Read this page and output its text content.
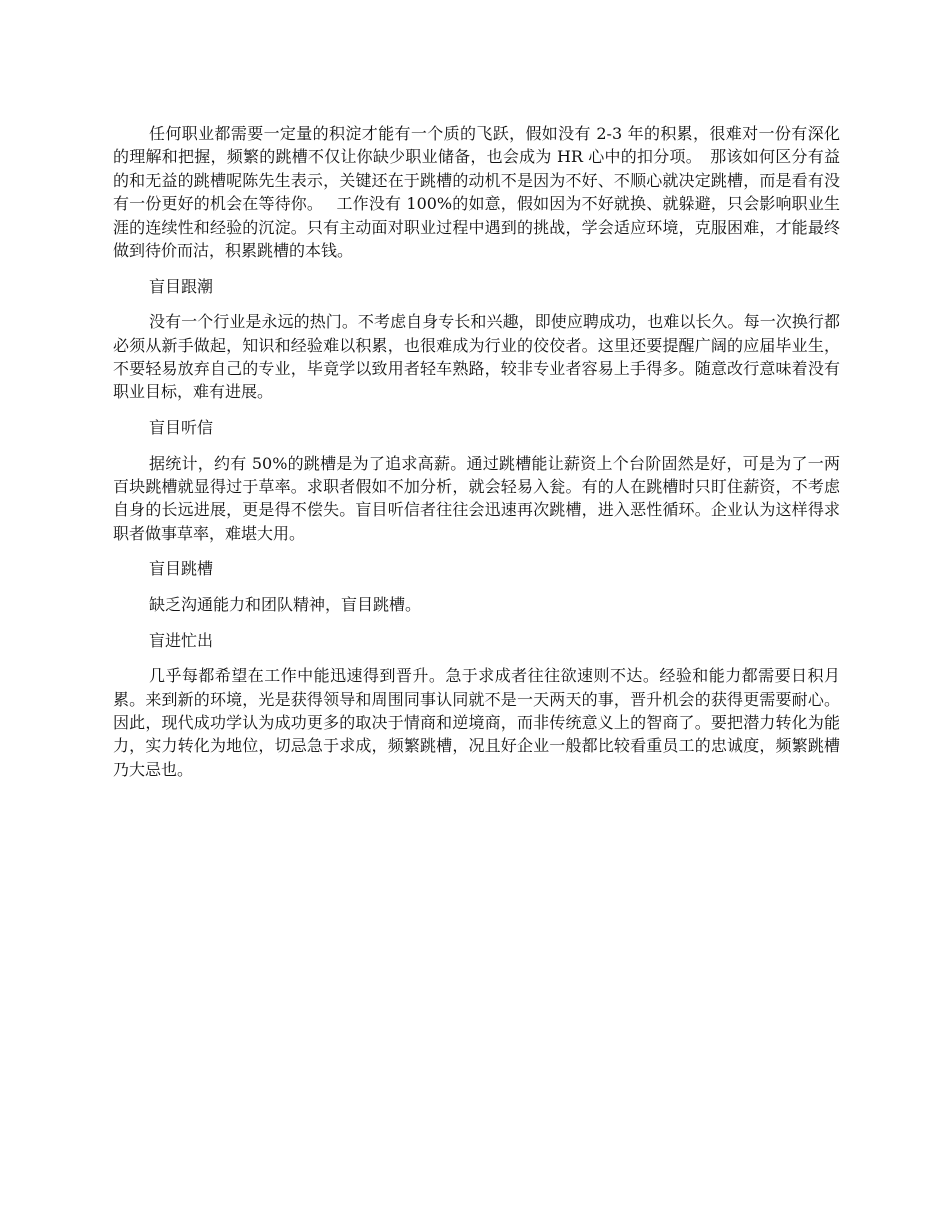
任何职业都需要一定量的积淀才能有一个质的飞跃，假如没有 2-3 年的积累，很难对一份有深化的理解和把握，频繁的跳槽不仅让你缺少职业储备，也会成为 HR 心中的扣分项。　那该如何区分有益的和无益的跳槽呢陈先生表示，关键还在于跳槽的动机不是因为不好、不顺心就决定跳槽，而是看有没有一份更好的机会在等待你。　 工作没有 100%的如意，假如因为不好就换、就躲避，只会影响职业生涯的连续性和经验的沉淀。只有主动面对职业过程中遇到的挑战，学会适应环境，克服困难，才能最终做到待价而沽，积累跳槽的本钱。

盲目跟潮

没有一个行业是永远的热门。不考虑自身专长和兴趣，即使应聘成功，也难以长久。每一次换行都必须从新手做起，知识和经验难以积累，也很难成为行业的佼佼者。这里还要提醒广阔的应届毕业生，不要轻易放弃自己的专业，毕竟学以致用者轻车熟路，较非专业者容易上手得多。随意改行意味着没有职业目标，难有进展。

盲目听信

据统计，约有 50%的跳槽是为了追求高薪。通过跳槽能让薪资上个台阶固然是好，可是为了一两百块跳槽就显得过于草率。求职者假如不加分析，就会轻易入瓮。有的人在跳槽时只盯住薪资，不考虑自身的长远进展，更是得不偿失。盲目听信者往往会迅速再次跳槽，进入恶性循环。企业认为这样得求职者做事草率，难堪大用。

盲目跳槽

缺乏沟通能力和团队精神，盲目跳槽。

盲进忙出

几乎每都希望在工作中能迅速得到晋升。急于求成者往往欲速则不达。经验和能力都需要日积月累。来到新的环境，光是获得领导和周围同事认同就不是一天两天的事，晋升机会的获得更需要耐心。因此，现代成功学认为成功更多的取决于情商和逆境商，而非传统意义上的智商了。要把潜力转化为能力，实力转化为地位，切忌急于求成，频繁跳槽，况且好企业一般都比较看重员工的忠诚度，频繁跳槽乃大忌也。
